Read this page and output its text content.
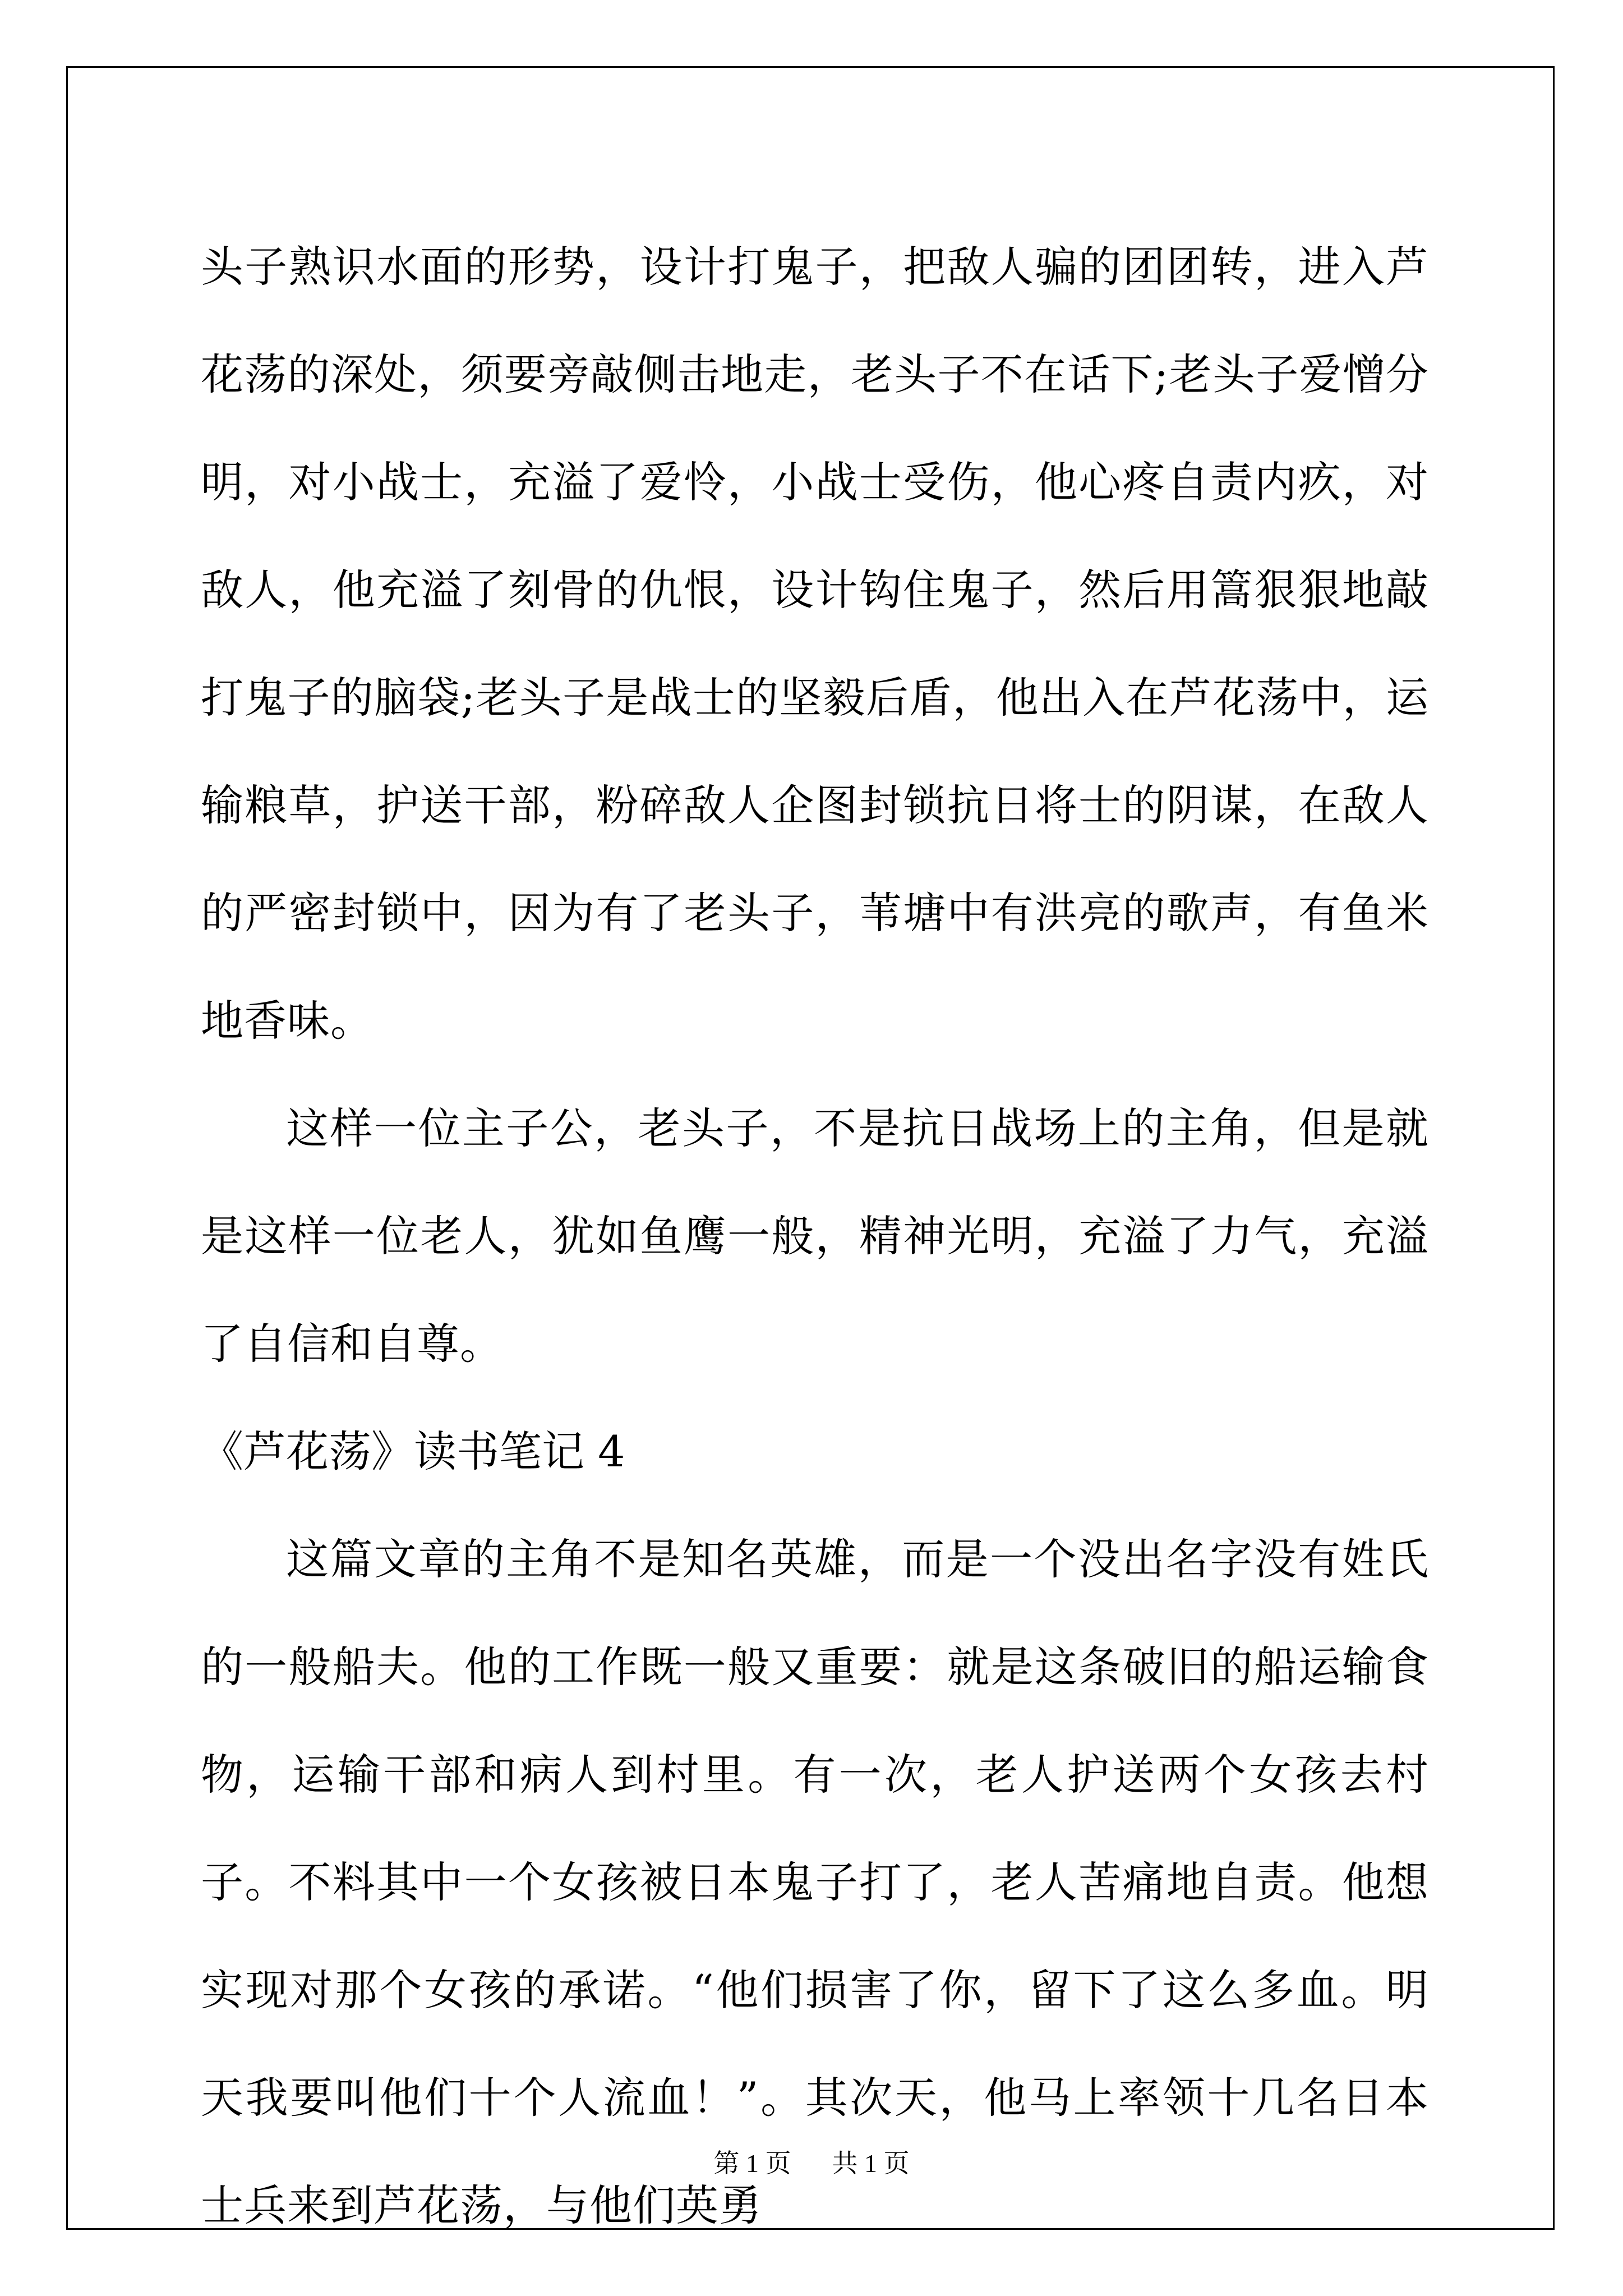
头子熟识水面的形势，设计打鬼子，把敌人骗的团团转，进入芦花荡的深处，须要旁敲侧击地走，老头子不在话下;老头子爱憎分明，对小战士，充溢了爱怜，小战士受伤，他心疼自责内疚，对敌人，他充溢了刻骨的仇恨，设计钩住鬼子，然后用篙狠狠地敲打鬼子的脑袋;老头子是战士的坚毅后盾，他出入在芦花荡中，运输粮草，护送干部，粉碎敌人企图封锁抗日将士的阴谋，在敌人的严密封锁中，因为有了老头子，苇塘中有洪亮的歌声，有鱼米地香味。

这样一位主子公，老头子，不是抗日战场上的主角，但是就是这样一位老人，犹如鱼鹰一般，精神光明，充溢了力气，充溢了自信和自尊。

《芦花荡》读书笔记 4

这篇文章的主角不是知名英雄，而是一个没出名字没有姓氏的一般船夫。他的工作既一般又重要：就是这条破旧的船运输食物，运输干部和病人到村里。有一次，老人护送两个女孩去村子。不料其中一个女孩被日本鬼子打了，老人苦痛地自责。他想实现对那个女孩的承诺。“他们损害了你，留下了这么多血。明天我要叫他们十个人流血！”。其次天，他马上率领十几名日本士兵来到芦花荡，与他们英勇

第 1 页 共 1 页
